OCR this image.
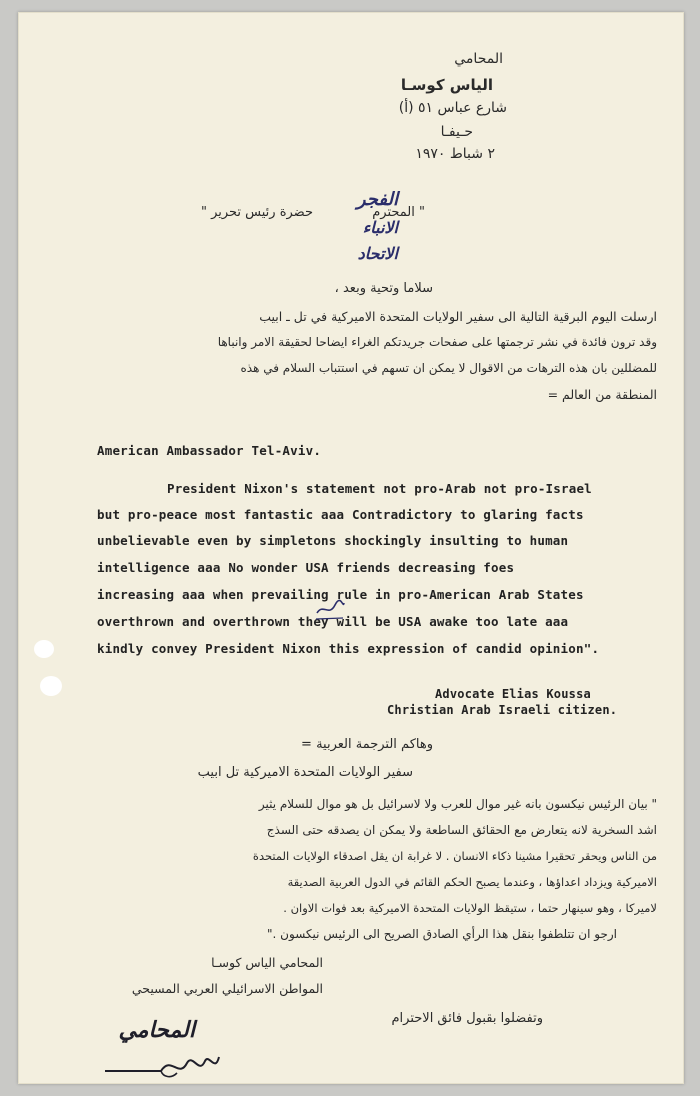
المحامي
الياس كوسـا
شارع عباس ٥١ (أ)
حـيفـا
٢ شباط ١٩٧٠
حضرة رئيس تحرير "	" المحترم
الفجر
الانباء
الاتحاد
سلاما وتحية وبعد ،
ارسلت اليوم البرقية التالية الى سفير الولايات المتحدة الاميركية في تل ـ ابيب
وقد ترون فائدة في نشر ترجمتها على صفحات جريدتكم الغراء ايضاحا لحقيقة الامر وانباها
للمضللين بان هذه الترهات من الاقوال لا يمكن ان تسهم في استتباب السلام في هذه
المنطقة من العالم =
American Ambassador Tel-Aviv.
President Nixon's statement not pro-Arab not pro-Israel
but pro-peace most fantastic aaa Contradictory to glaring facts
unbelievable even by simpletons shockingly insulting to human
intelligence aaa No wonder USA friends decreasing foes
increasing aaa when prevailing rule in pro-American Arab States
overthrown and overthrown they will be USA awake too late aaa
kindly convey President Nixon this expression of candid opinion".
Advocate Elias Koussa
Christian Arab Israeli citizen.
وهاكم الترجمة العربية =
سفير الولايات المتحدة الاميركية تل ابيب
" بيان الرئيس نيكسون بانه غير موال للعرب ولا لاسرائيل بل هو موال للسلام يثير
اشد السخرية لانه يتعارض مع الحقائق الساطعة ولا يمكن ان يصدقه حتى السذج
من الناس ويحقر تحقيرا مشينا ذكاء الانسان . لا غرابة ان يقل اصدقاء الولايات المتحدة
الاميركية ويزداد اعداؤها ، وعندما يصبح الحكم القائم في الدول العربية الصديقة
لاميركا ، وهو سينهار حتما ، ستيقظ الولايات المتحدة الاميركية بعد فوات الاوان .
ارجو ان تتلطفوا بنقل هذا الرأي الصادق الصريح الى الرئيس نيكسون ."
المحامي الياس كوسـا
المواطن الاسرائيلي العربي المسيحي
وتفضلوا بقبول فائق الاحترام
المحامي
